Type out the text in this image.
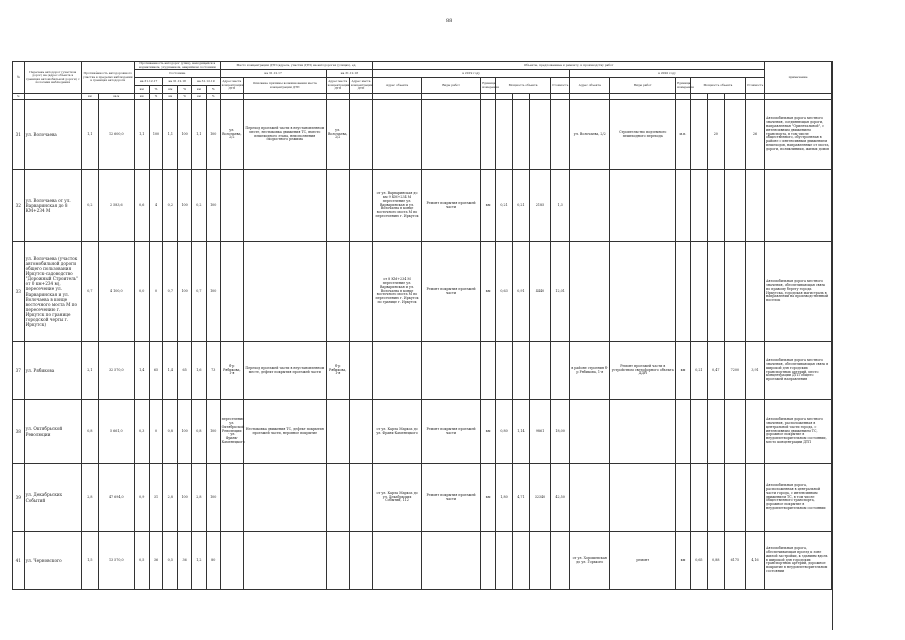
88
№	Перечень автодорог (участков дорог) на (адрес объекта в границах автомобильной дороги) с полосами наблюдения	Протяжённость автодорожного участка в пределах наблюдения в границах автодороги		Протяжённость автодорог (улиц), находящейся в нормативном, ухудшенном, аварийном состоянии						Место концентрации ДТП (адреса, участки ДТП) на автодорогах (улицах), ед.				Объекты, предложенные к ремонту, к производству работ														примечание
				Состояние						на 31.12.17		на 31.12.18		в 2019 году							в 2020 году							
				на 31.12.17		на 31.12.18		на 31.12.19		Адрес места концентрации ДТП	Описание причины возникновения места концентрации ДТП	Адрес места концентрации ДТП	Адрес места концентрации ДТП	Адрес объекта	Виды работ	Единица измерения	Мощность объекта			Стоимость	Адрес объекта	Виды работ	Единица измерения	Мощность объекта			Стоимость	
				км	%	км	%	км	%																			
№		км	кв.м	км	%	км	%	км	%																			
31	ул. Волочаева	1,1	12 600,0	1,1	100	1,1	100	1,1	100	ул. Волочаева, 2/2	Переход проезжей части в неустановленном месте, нестыковка движения ТС, вместо пешеходного этапа, неисполнения скоростного режима	ул. Волочаева, 2/2									ул. Волочаева, 2/2	Строительство подземного пешеходного перехода	м.п.		20		26	Автомобильная дорога местного значения, соединяющая дороги, направленная "Ориентальной", с интенсивным движением транспорта, в том числе общественного, обустроенная в районе с интенсивным движением пешеходов, направленные от моста, дороги, поликлиники, жилых домов
32	ул. Волочаева от ул. Варваринская до 8 КМ+234 М	0,2	2 583,6	0,6	4	0,2	100	0,2	100					от ул. Варваринская до км 9 КМ+234 М пересечение ул. Варваринская и ул. Волочаева в конце восточного моста М по пересечению г. Иркутск	Ремонт покрытия проезжей части	км	0,21	0,21	2185	1,3								
33	ул. Волочаева (участок автомобильной дороги общего пользования Иркутск-садоводство "Дорожный Строитель" от 0 км+234 м), пересечение ул. Варваринская и ул. Волочаева в конце восточного моста М по пересечению г. Иркутск по границе городской черты г. Иркутск)	0,7	4 100,0	0,0	0	0,7	100	0,7	100					от 8 КМ+234 М пересечение ул. Варваринская и ул. Волочаева в конце восточного моста М по пересечению г. Иркутск по границе г. Иркутск	Ремонт покрытия проезжей части	км	0,63	0,91	4440	12,01								Автомобильная дорога местного значения, обеспечивающая связь по правому берегу города Иркутска, городская магистраль в направлении на производственный поселок
37	ул. Рябикова	2,1	32 570,0	1,4	65	1,4	65	1,6	73	б-р Рябикова, 1-я	Переход проезжей части в неустановленном месте, дефект покрытия проезжей части	б-р Рябикова, 1-я									в районе строения б-р Рябикова, 1-я	Ремонт проезжей части в устройством светофорного объекта ДДН	км	0,21	0,47	7200	3,91	Автомобильная дорога местного значения, обеспечивающая связь в широкой для городских транспортных артерий, место концентрации ДТП общего проезжей направления
38	ул. Октябрьской Революции	0,8	5 661,0	0,3	0	0,8	100	0,8	100	пересечение ул. Октябрьской Революции - ул. Франк-Каменецкого	Нестыковка движения ТС, дефект покрытия проезжей части, неровное покрытие			от ул. Карла Маркса до ул. Франк-Каменецкого	Ремонт покрытия проезжей части	км	0,80	1,14	9861	18,00								Автомобильная дорога местного значения, расположенная в центральной части города, с интенсивным движением ТС, дорожное покрытие в неудовлетворительном состоянии, место концентрации ДТП
39	ул. Декабрьских Событий	2,8	47 694,0	0,9	31	2,8	100	2,8	100					от ул. Карла Маркса до ул. Декабрьских Событий, 112	Ремонт покрытия проезжей части	км	1,80	4,71	32340	42,50								Автомобильная дорога, расположенная в центральной части города, с интенсивным движением ТС, в том числе общественного транспорта, дорожное покрытие в неудовлетворительном состоянии
41	ул. Черновского	1,5	13 570,0	0,5	36	0,5	36	1,2	80												от ул. Хорошевская до ул. Горького	ремонт	км	0,65	0,88	6175	4,16	Автомобильная дорога, обеспечивающая проезд к зоне жилой застройки, к зданиям вдоль в широкой для городских транспортных артерий, дорожное покрытие в неудовлетворительном состоянии
